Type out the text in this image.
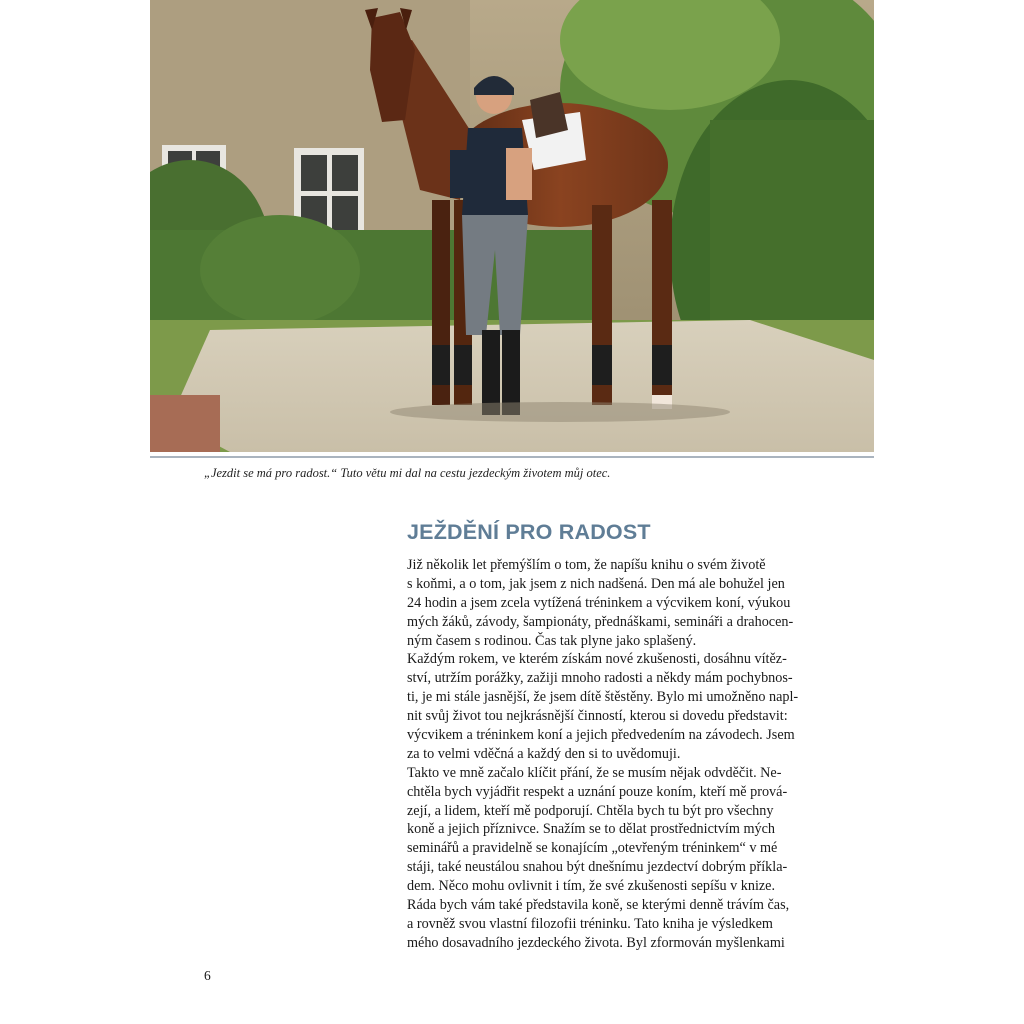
„Jezdit se má pro radost.“ Tuto větu mi dal na cestu jezdeckým životem můj otec.
JEŽDĚNÍ PRO RADOST
Již několik let přemýšlím o tom, že napíšu knihu o svém životě
s koňmi, a o tom, jak jsem z nich nadšená. Den má ale bohužel jen
24 hodin a jsem zcela vytížená tréninkem a výcvikem koní, výukou
mých žáků, závody, šampionáty, přednáškami, semináři a drahocen-
ným časem s rodinou. Čas tak plyne jako splašený.
Každým rokem, ve kterém získám nové zkušenosti, dosáhnu vítěz-
ství, utržím porážky, zažiji mnoho radosti a někdy mám pochybnos-
ti, je mi stále jasnější, že jsem dítě štěstěny. Bylo mi umožněno napl-
nit svůj život tou nejkrásnější činností, kterou si dovedu představit:
výcvikem a tréninkem koní a jejich předvedením na závodech. Jsem
za to velmi vděčná a každý den si to uvědomuji.
Takto ve mně začalo klíčit přání, že se musím nějak odvděčit. Ne-
chtěla bych vyjádřit respekt a uznání pouze koním, kteří mě prová-
zejí, a lidem, kteří mě podporují. Chtěla bych tu být pro všechny
koně a jejich příznivce. Snažím se to dělat prostřednictvím mých
seminářů a pravidelně se konajícím „otevřeným tréninkem“ v mé
stáji, také neustálou snahou být dnešnímu jezdectví dobrým příkla-
dem. Něco mohu ovlivnit i tím, že své zkušenosti sepíšu v knize.
Ráda bych vám také představila koně, se kterými denně trávím čas,
a rovněž svou vlastní filozofii tréninku. Tato kniha je výsledkem
mého dosavadního jezdeckého života. Byl zformován myšlenkami
6
